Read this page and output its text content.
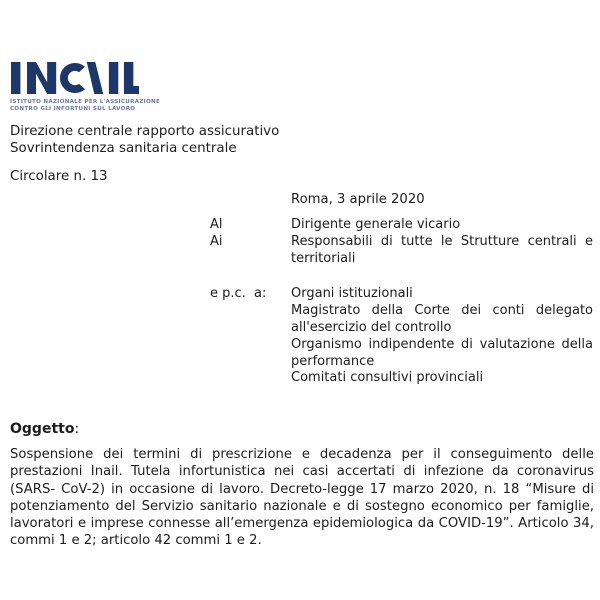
ISTITUTO NAZIONALE PER L'ASSICURAZIONE
CONTRO GLI INFORTUNI SUL LAVORO
Direzione centrale rapporto assicurativo
Sovrintendenza sanitaria centrale
Circolare n. 13
Roma, 3 aprile 2020
Al	Dirigente generale vicario
Ai	Responsabili di tutte le Strutture centrali e territoriali
e p.c.  a:	Organi istituzionali
Magistrato della Corte dei conti delegato all'esercizio del controllo
Organismo indipendente di valutazione della performance
Comitati consultivi provinciali
Oggetto:

Sospensione dei termini di prescrizione e decadenza per il conseguimento delle prestazioni Inail. Tutela infortunistica nei casi accertati di infezione da coronavirus (SARS- CoV-2) in occasione di lavoro. Decreto-legge 17 marzo 2020, n. 18 “Misure di potenziamento del Servizio sanitario nazionale e di sostegno economico per famiglie, lavoratori e imprese connesse all’emergenza epidemiologica da COVID-19”. Articolo 34, commi 1 e 2; articolo 42 commi 1 e 2.
